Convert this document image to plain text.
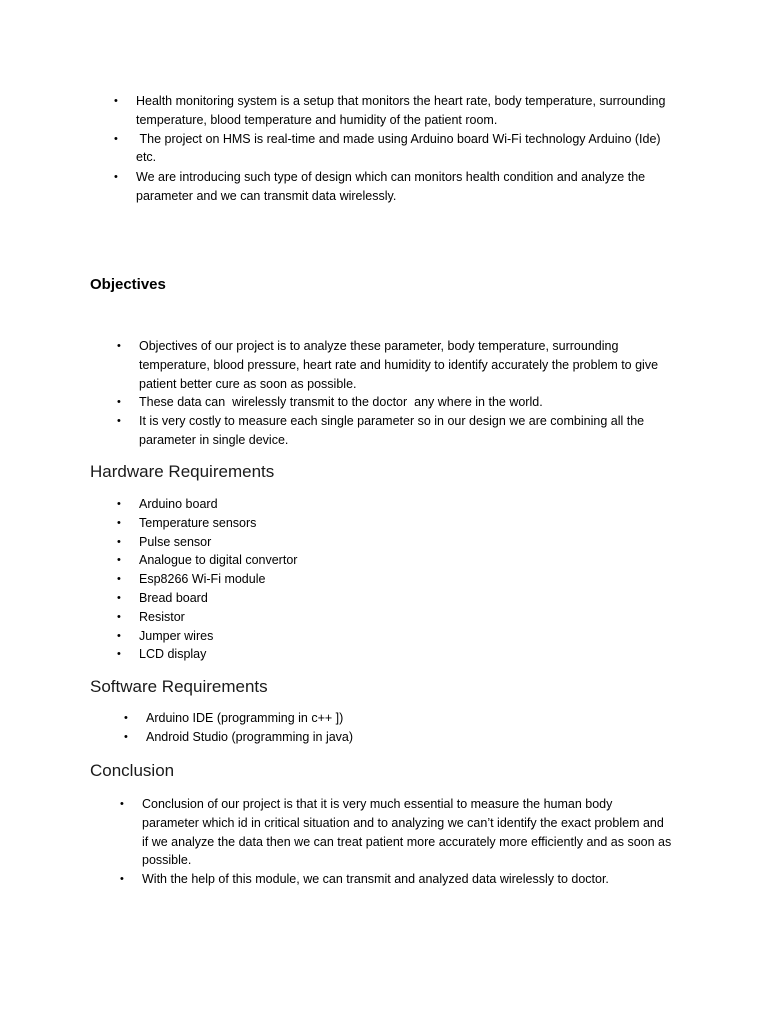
• Health monitoring system is a setup that monitors the heart rate, body temperature, surrounding temperature, blood temperature and humidity of the patient room.
• The project on HMS is real-time and made using Arduino board Wi-Fi technology Arduino (Ide) etc.
• We are introducing such type of design which can monitors health condition and analyze the parameter and we can transmit data wirelessly.
Objectives
• Objectives of our project is to analyze these parameter, body temperature, surrounding temperature, blood pressure, heart rate and humidity to identify accurately the problem to give patient better cure as soon as possible.
• These data can  wirelessly transmit to the doctor  any where in the world.
• It is very costly to measure each single parameter so in our design we are combining all the parameter in single device.
Hardware Requirements
• Arduino board
• Temperature sensors
• Pulse sensor
• Analogue to digital convertor
• Esp8266 Wi-Fi module
• Bread board
• Resistor
• Jumper wires
• LCD display
Software Requirements
• Arduino IDE (programming in c++ ])
• Android Studio (programming in java)
Conclusion
• Conclusion of our project is that it is very much essential to measure the human body parameter which id in critical situation and to analyzing we can’t identify the exact problem and if we analyze the data then we can treat patient more accurately more efficiently and as soon as possible.
• With the help of this module, we can transmit and analyzed data wirelessly to doctor.
